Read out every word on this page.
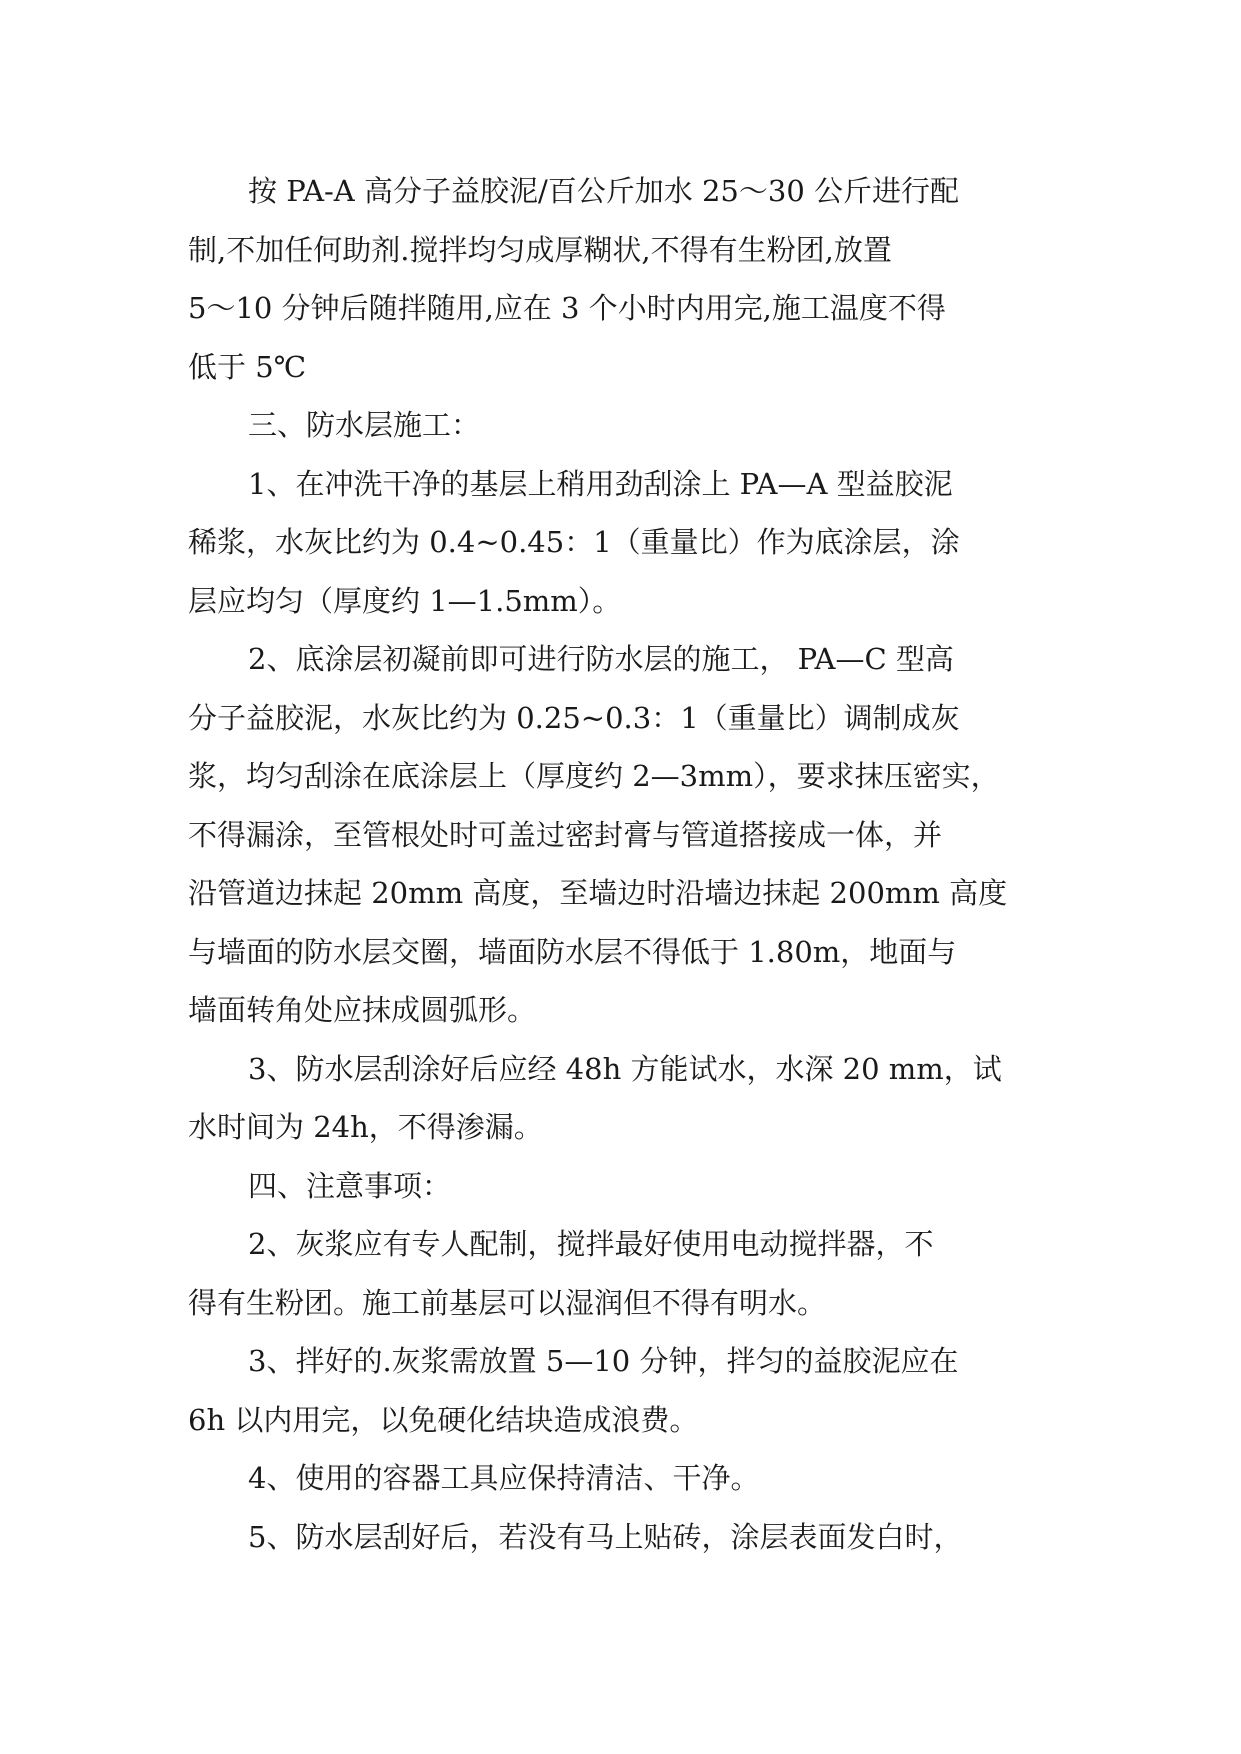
按 PA-A 高分子益胶泥/百公斤加水 25～30 公斤进行配
制,不加任何助剂.搅拌均匀成厚糊状,不得有生粉团,放置
5～10 分钟后随拌随用,应在 3 个小时内用完,施工温度不得
低于 5℃

三、防水层施工：

1、在冲洗干净的基层上稍用劲刮涂上 PA—A 型益胶泥
稀浆，水灰比约为 0.4~0.45：1（重量比）作为底涂层，涂
层应均匀（厚度约 1—1.5mm）。

2、底涂层初凝前即可进行防水层的施工， PA—C 型高
分子益胶泥，水灰比约为 0.25~0.3：1（重量比）调制成灰
浆，均匀刮涂在底涂层上（厚度约 2—3mm），要求抹压密实，
不得漏涂，至管根处时可盖过密封膏与管道搭接成一体，并
沿管道边抹起 20mm 高度，至墙边时沿墙边抹起 200mm 高度
与墙面的防水层交圈，墙面防水层不得低于 1.80m，地面与
墙面转角处应抹成圆弧形。

3、防水层刮涂好后应经 48h 方能试水，水深 20 mm，试
水时间为 24h，不得渗漏。

四、注意事项：

2、灰浆应有专人配制，搅拌最好使用电动搅拌器，不
得有生粉团。施工前基层可以湿润但不得有明水。

3、拌好的.灰浆需放置 5—10 分钟，拌匀的益胶泥应在
6h 以内用完，以免硬化结块造成浪费。

4、使用的容器工具应保持清洁、干净。

5、防水层刮好后，若没有马上贴砖，涂层表面发白时，
